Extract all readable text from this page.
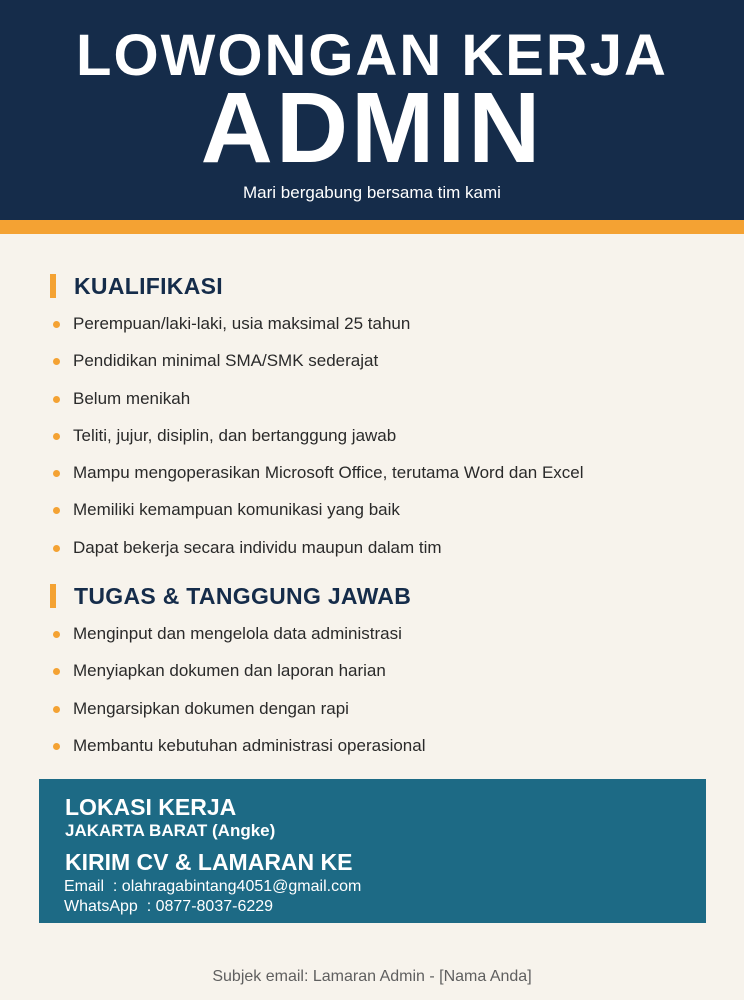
LOWONGAN KERJA
ADMIN
Mari bergabung bersama tim kami
KUALIFIKASI
Perempuan/laki-laki, usia maksimal 25 tahun
Pendidikan minimal SMA/SMK sederajat
Belum menikah
Teliti, jujur, disiplin, dan bertanggung jawab
Mampu mengoperasikan Microsoft Office, terutama Word dan Excel
Memiliki kemampuan komunikasi yang baik
Dapat bekerja secara individu maupun dalam tim
TUGAS & TANGGUNG JAWAB
Menginput dan mengelola data administrasi
Menyiapkan dokumen dan laporan harian
Mengarsipkan dokumen dengan rapi
Membantu kebutuhan administrasi operasional
LOKASI KERJA
JAKARTA BARAT (Angke)
KIRIM CV & LAMARAN KE
Email  : olahragabintang4051@gmail.com
WhatsApp  : 0877-8037-6229
Subjek email: Lamaran Admin - [Nama Anda]
